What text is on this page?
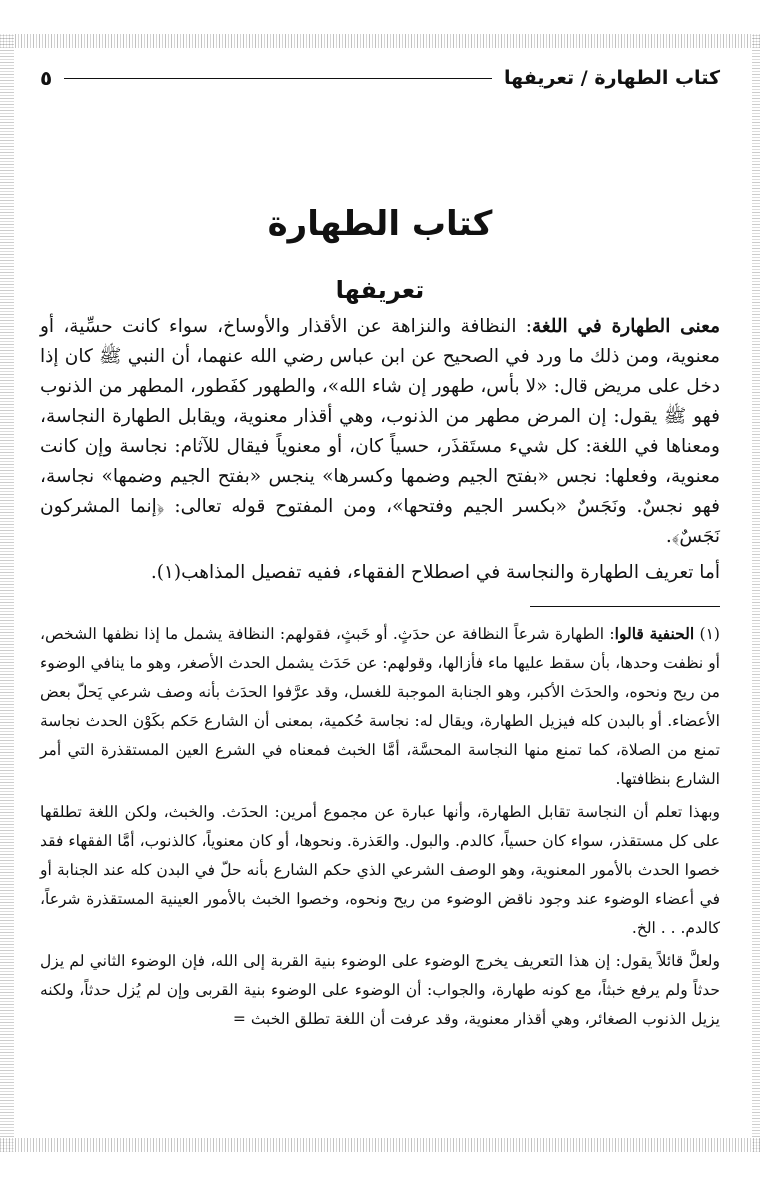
كتاب الطهارة / تعريفها
٥
كتاب الطهارة
تعريفها

معنى الطهارة في اللغة: النظافة والنزاهة عن الأقذار والأوساخ، سواء كانت حسِّية، أو معنوية، ومن ذلك ما ورد في الصحيح عن ابن عباس رضي الله عنهما، أن النبي ﷺ كان إذا دخل على مريض قال: «لا بأس، طهور إن شاء الله»، والطهور كفَطور، المطهر من الذنوب فهو ﷺ يقول: إن المرض مطهر من الذنوب، وهي أقذار معنوية، ويقابل الطهارة النجاسة، ومعناها في اللغة: كل شيء مستَقذَر، حسياً كان، أو معنوياً فيقال للآثام: نجاسة وإن كانت معنوية، وفعلها: نجس «بفتح الجيم وضمها وكسرها» ينجس «بفتح الجيم وضمها» نجاسة، فهو نجسٌ. ونَجَسٌ «بكسر الجيم وفتحها»، ومن المفتوح قوله تعالى: ﴿إنما المشركون نَجَسٌ﴾.

أما تعريف الطهارة والنجاسة في اصطلاح الفقهاء، ففيه تفصيل المذاهب(١).

(١) الحنفية قالوا: الطهارة شرعاً النظافة عن حدَثٍ. أو خَبثٍ، فقولهم: النظافة يشمل ما إذا نظفها الشخص، أو نظفت وحدها، بأن سقط عليها ماء فأزالها، وقولهم: عن حَدَث يشمل الحدث الأصغر، وهو ما ينافي الوضوء من ريح ونحوه، والحدَث الأكبر، وهو الجنابة الموجبة للغسل، وقد عرَّفوا الحدَث بأنه وصف شرعي يَحلّ بعض الأعضاء. أو بالبدن كله فيزيل الطهارة، ويقال له: نجاسة حُكمية، بمعنى أن الشارع حَكم بكَوْن الحدث نجاسة تمنع من الصلاة، كما تمنع منها النجاسة المحسَّة، أمَّا الخبث فمعناه في الشرع العين المستقذرة التي أمر الشارع بنظافتها.

وبهذا تعلم أن النجاسة تقابل الطهارة، وأنها عبارة عن مجموع أمرين: الحدَث. والخبث، ولكن اللغة تطلقها على كل مستقذر، سواء كان حسياً، كالدم. والبول. والعَذرة. ونحوها، أو كان معنوياً، كالذنوب، أمَّا الفقهاء فقد خصوا الحدث بالأمور المعنوية، وهو الوصف الشرعي الذي حكم الشارع بأنه حلّ في البدن كله عند الجنابة أو في أعضاء الوضوء عند وجود ناقض الوضوء من ريح ونحوه، وخصوا الخبث بالأمور العينية المستقذرة شرعاً، كالدم. . . الخ.

ولعلَّ قائلاً يقول: إن هذا التعريف يخرج الوضوء على الوضوء بنية القربة إلى الله، فإن الوضوء الثاني لم يزل حدثاً ولم يرفع خبثاً، مع كونه طهارة، والجواب: أن الوضوء على الوضوء بنية القربى وإن لم يُزل حدثاً، ولكنه يزيل الذنوب الصغائر، وهي أقذار معنوية، وقد عرفت أن اللغة تطلق الخبث =
